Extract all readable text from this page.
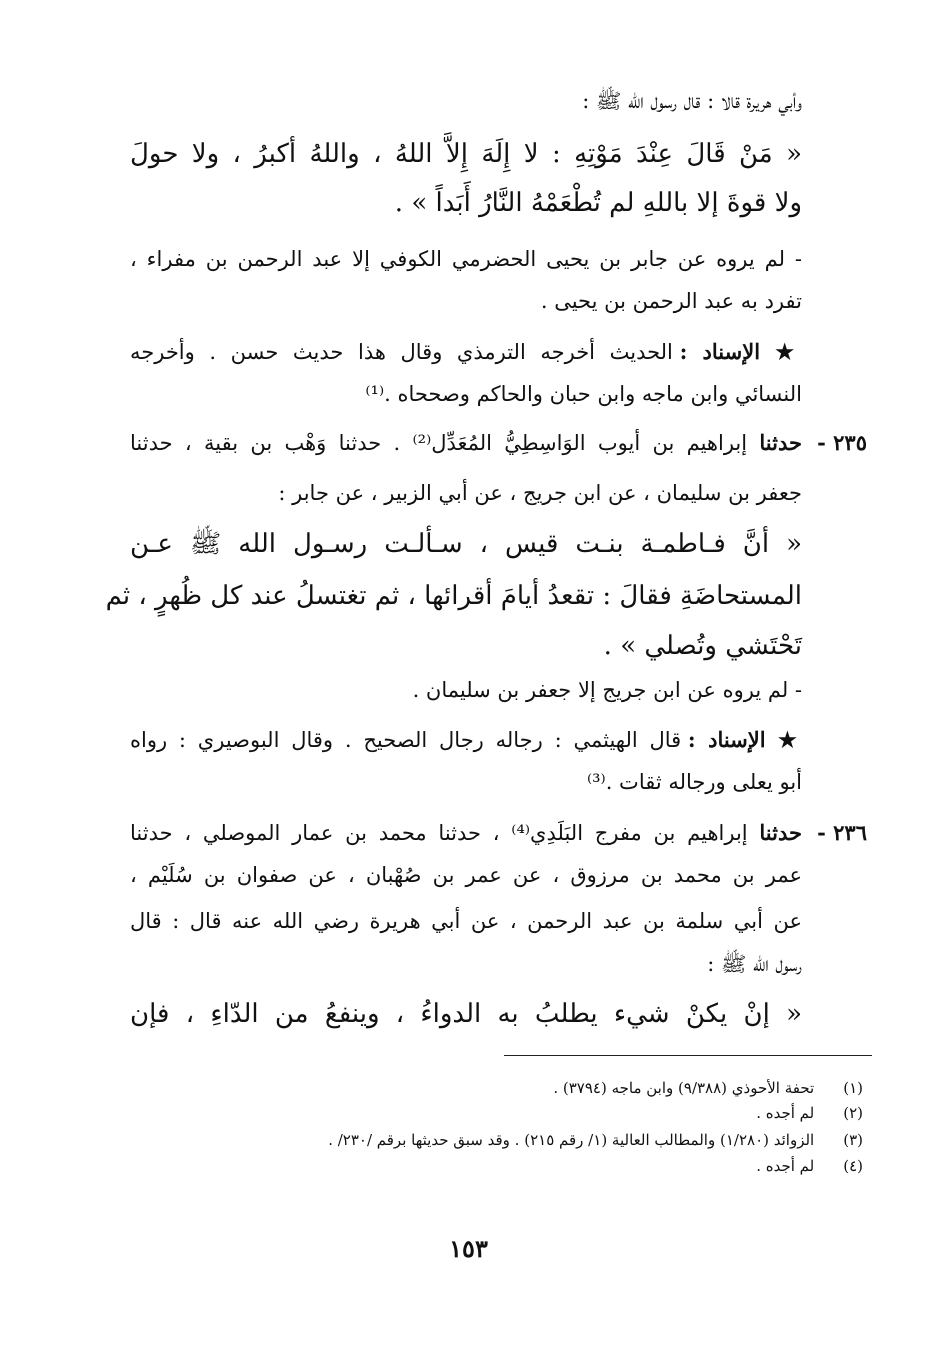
وأبي هريرة قالا : قال رسول الله ﷺ :
« مَنْ قَالَ عِنْدَ مَوْتِهِ : لا إِلَهَ إِلاَّ اللهُ ، واللهُ أكبرُ ، ولا حولَ
ولا قوةَ إلا باللهِ لم تُطْعَمْهُ النَّارُ أَبَداً » .
- لم يروه عن جابر بن يحيى الحضرمي الكوفي إلا عبد الرحمن بن مفراء ،
تفرد به عبد الرحمن بن يحيى .
★ الإسناد : الحديث أخرجه الترمذي وقال هذا حديث حسن . وأخرجه
النسائي وابن ماجه وابن حبان والحاكم وصححاه .⁽¹⁾
٢٣٥ -
حدثنا إبراهيم بن أيوب الوَاسِطِيُّ المُعَدِّل⁽²⁾ . حدثنا وَهْب بن بقية ، حدثنا
جعفر بن سليمان ، عن ابن جريج ، عن أبي الزبير ، عن جابر :
« أنَّ فـاطمـة بنـت قيس ، سـألـت رسـول الله ﷺ عـن
المستحاضَةِ فقالَ : تقعدُ أيامَ أقرائها ، ثم تغتسلُ عند كل ظُهرٍ ، ثم
تَحْتَشي وتُصلي » .
- لم يروه عن ابن جريج إلا جعفر بن سليمان .
★ الإسناد : قال الهيثمي : رجاله رجال الصحيح . وقال البوصيري : رواه
أبو يعلى ورجاله ثقات .⁽³⁾
٢٣٦ -
حدثنا إبراهيم بن مفرج البَلَدِي⁽⁴⁾ ، حدثنا محمد بن عمار الموصلي ، حدثنا
عمر بن محمد بن مرزوق ، عن عمر بن صُهْبان ، عن صفوان بن سُلَيْم ،
عن أبي سلمة بن عبد الرحمن ، عن أبي هريرة رضي الله عنه قال : قال
رسول الله ﷺ :
« إنْ يكنْ شيء يطلبُ به الدواءُ ، وينفعُ من الدّاءِ ، فإن
(١) تحفة الأحوذي (٩/٣٨٨) وابن ماجه (٣٧٩٤) .
(٢) لم أجده .
(٣) الزوائد (١/٢٨٠) والمطالب العالية (١/ رقم ٢١٥) . وقد سبق حديثها برقم /٢٣٠/ .
(٤) لم أجده .
١٥٣
